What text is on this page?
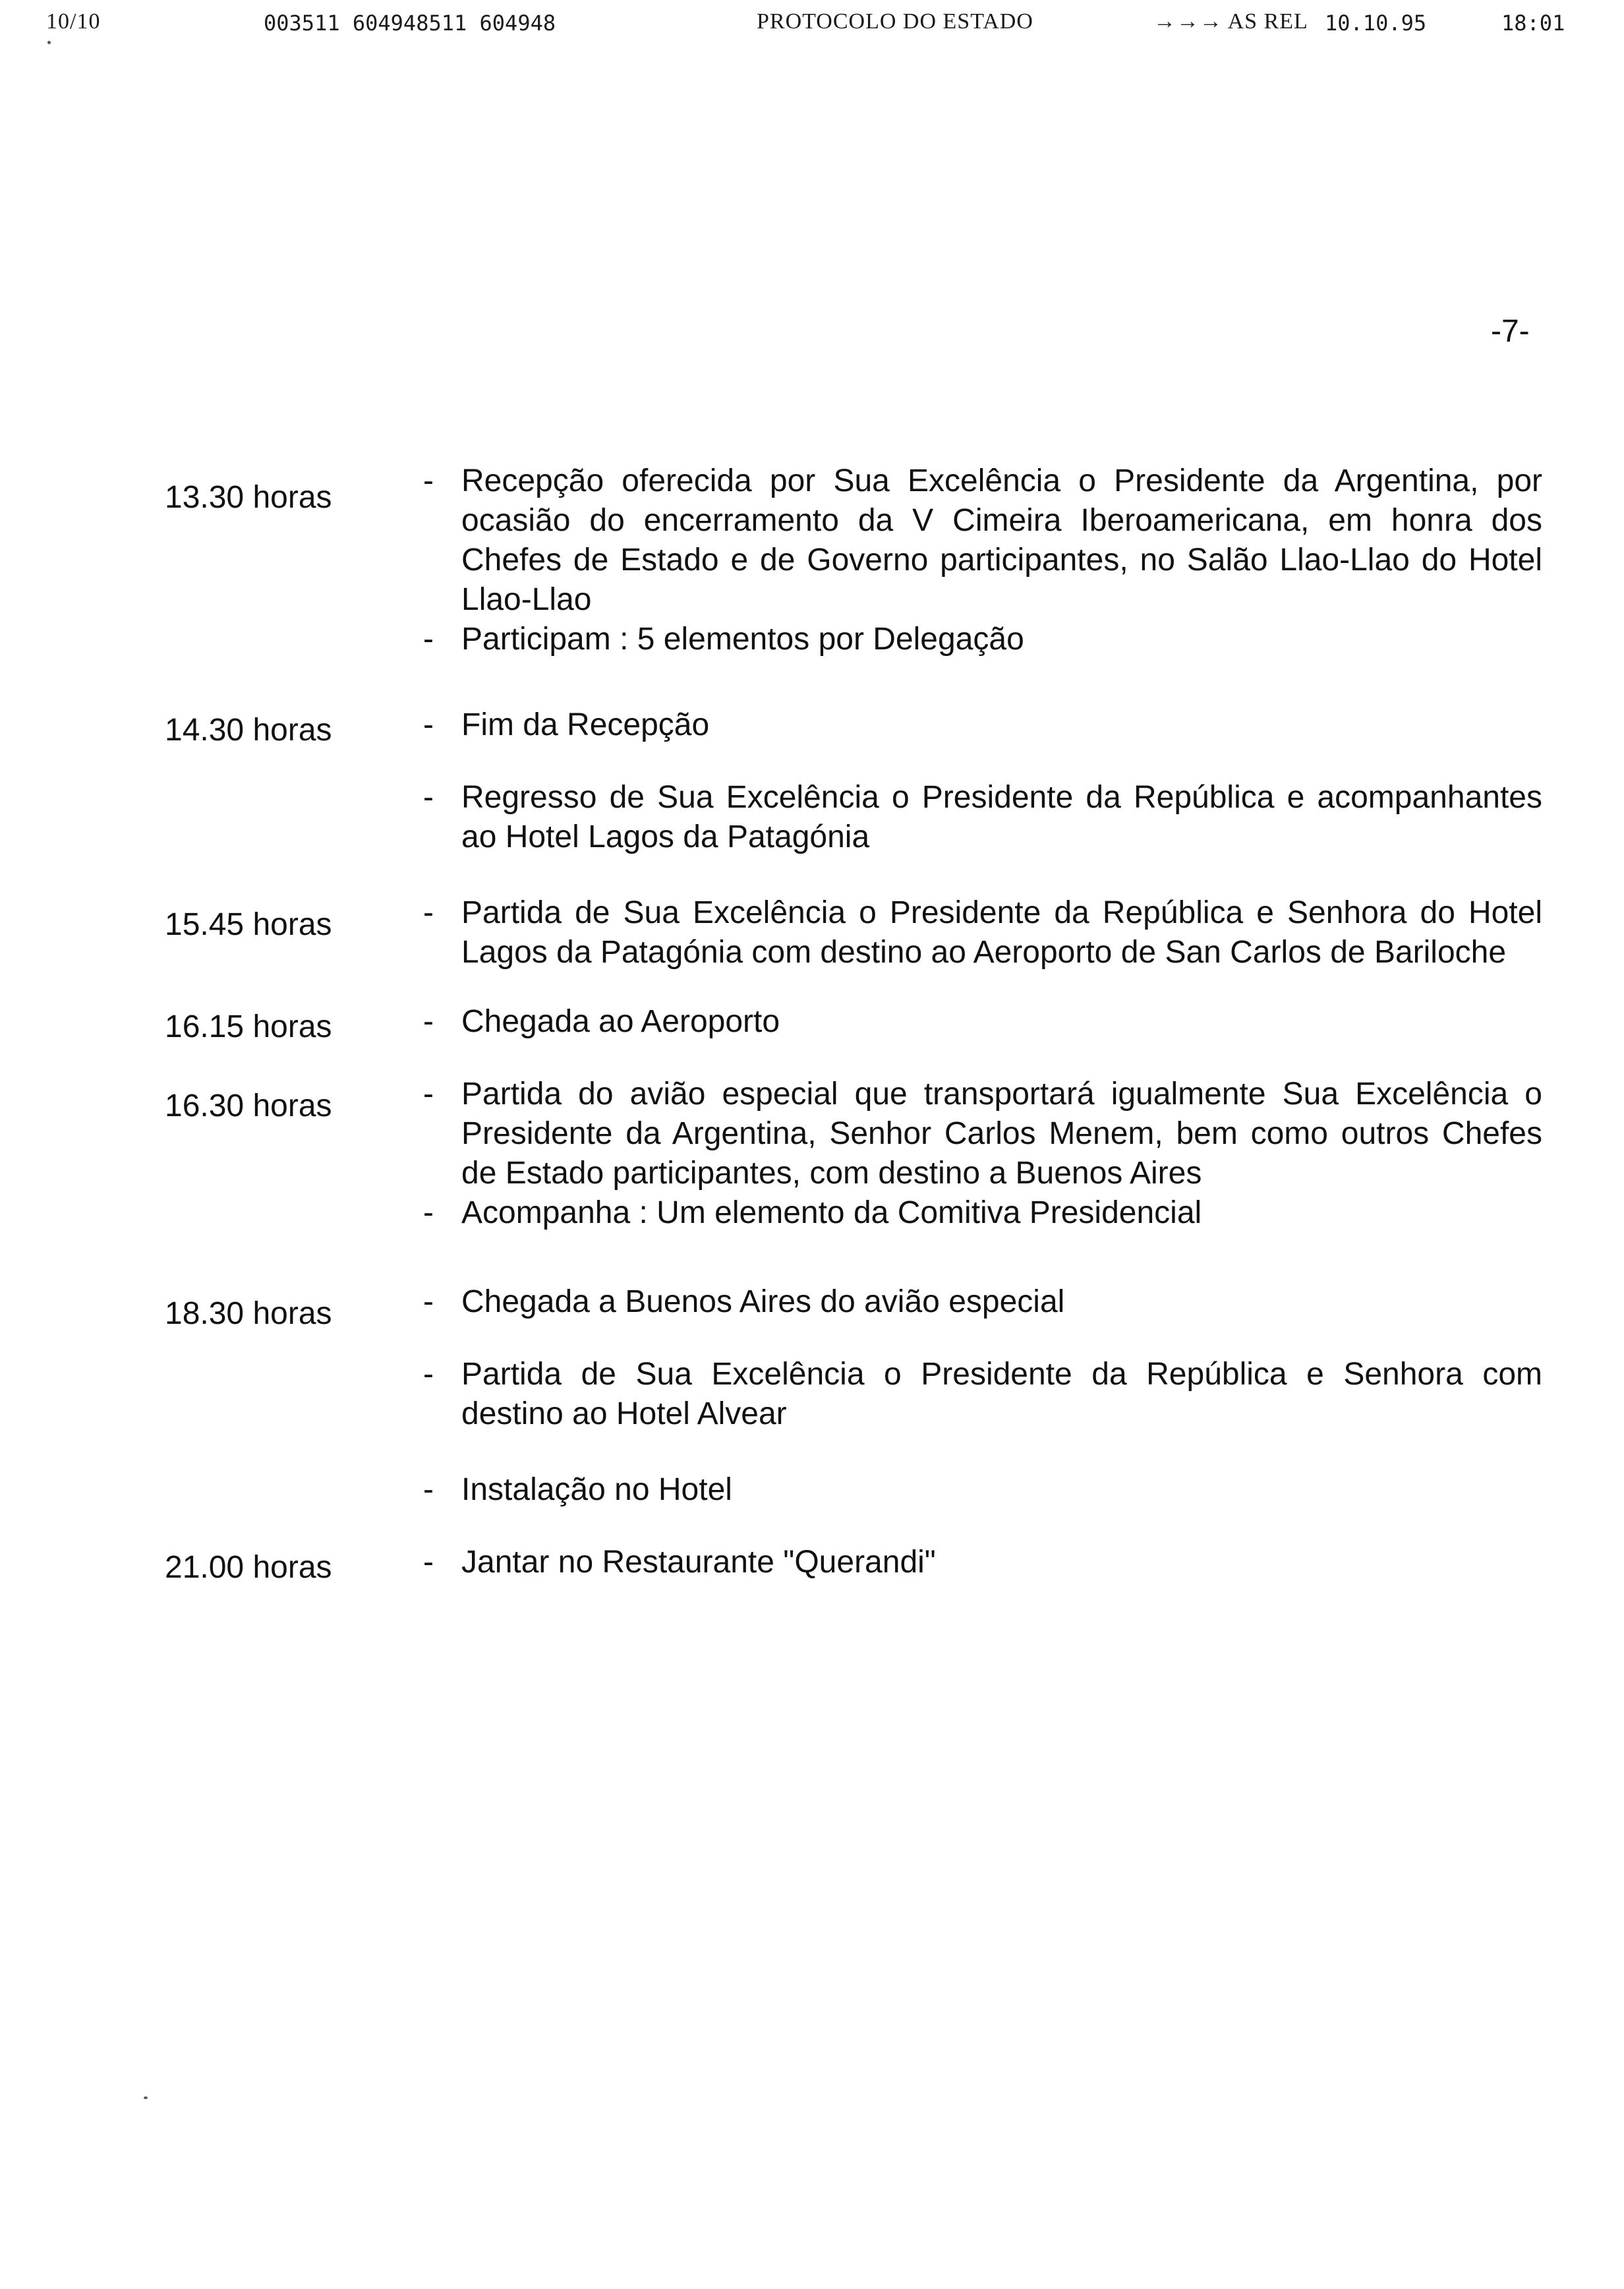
10/10	003511 604948511 604948	PROTOCOLO DO ESTADO	→→→ AS REL 10.10.95	18:01
-7-
13.30 horas	- Recepção oferecida por Sua Excelência o Presidente da Argentina, por ocasião do encerramento da V Cimeira Iberoamericana, em honra dos Chefes de Estado e de Governo participantes, no Salão Llao-Llao do Hotel Llao-Llao
- Participam : 5 elementos por Delegação
14.30 horas	- Fim da Recepção
- Regresso de Sua Excelência o Presidente da República e acompanhantes ao Hotel Lagos da Patagónia
15.45 horas	- Partida de Sua Excelência o Presidente da República e Senhora do Hotel Lagos da Patagónia com destino ao Aeroporto de San Carlos de Bariloche
16.15 horas	- Chegada ao Aeroporto
16.30 horas	- Partida do avião especial que transportará igualmente Sua Excelência o Presidente da Argentina, Senhor Carlos Menem, bem como outros Chefes de Estado participantes, com destino a Buenos Aires
- Acompanha : Um elemento da Comitiva Presidencial
18.30 horas	- Chegada a Buenos Aires do avião especial
- Partida de Sua Excelência o Presidente da República e Senhora com destino ao Hotel Alvear
- Instalação no Hotel
21.00 horas	- Jantar no Restaurante "Querandi"
